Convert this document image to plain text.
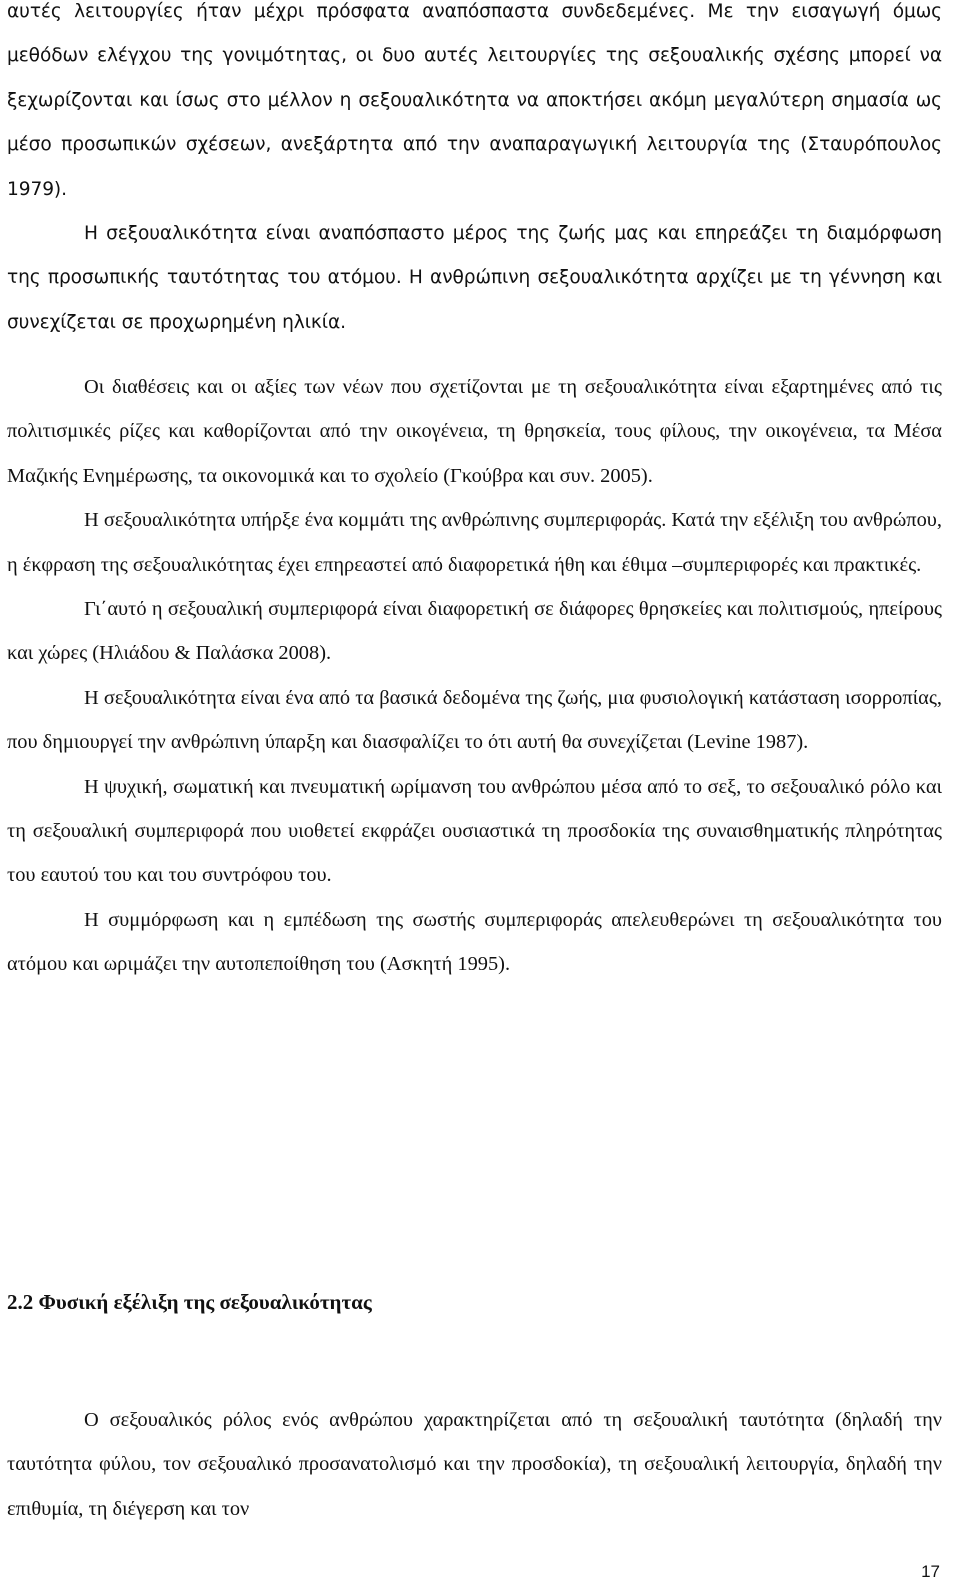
αυτές λειτουργίες ήταν μέχρι πρόσφατα αναπόσπαστα συνδεδεμένες. Με την εισαγωγή όμως μεθόδων ελέγχου της γονιμότητας, οι δυο αυτές λειτουργίες της σεξουαλικής σχέσης μπορεί να ξεχωρίζονται και ίσως στο μέλλον η σεξουαλικότητα να αποκτήσει ακόμη μεγαλύτερη σημασία ως μέσο προσωπικών σχέσεων, ανεξάρτητα από την αναπαραγωγική λειτουργία της (Σταυρόπουλος 1979).

Η σεξουαλικότητα είναι αναπόσπαστο μέρος της ζωής μας και επηρεάζει τη διαμόρφωση της προσωπικής ταυτότητας του ατόμου. Η ανθρώπινη σεξουαλικότητα αρχίζει με τη γέννηση και συνεχίζεται σε προχωρημένη ηλικία.

Οι διαθέσεις και οι αξίες των νέων που σχετίζονται με τη σεξουαλικότητα είναι εξαρτημένες από τις πολιτισμικές ρίζες και καθορίζονται από την οικογένεια, τη θρησκεία, τους φίλους, την οικογένεια, τα Μέσα Μαζικής Ενημέρωσης, τα οικονομικά και το σχολείο (Γκούβρα και συν. 2005).

Η σεξουαλικότητα υπήρξε ένα κομμάτι της ανθρώπινης συμπεριφοράς. Κατά την εξέλιξη του ανθρώπου, η έκφραση της σεξουαλικότητας έχει επηρεαστεί από διαφορετικά ήθη και έθιμα –συμπεριφορές και πρακτικές.

Γι΄αυτό η σεξουαλική συμπεριφορά είναι διαφορετική σε διάφορες θρησκείες και πολιτισμούς, ηπείρους και χώρες (Ηλιάδου & Παλάσκα 2008).

Η σεξουαλικότητα είναι ένα από τα βασικά δεδομένα της ζωής, μια φυσιολογική κατάσταση ισορροπίας, που δημιουργεί την ανθρώπινη ύπαρξη και διασφαλίζει το ότι αυτή θα συνεχίζεται (Levine 1987).

Η ψυχική, σωματική και πνευματική ωρίμανση του ανθρώπου μέσα από το σεξ, το σεξουαλικό ρόλο και τη σεξουαλική συμπεριφορά που υιοθετεί εκφράζει ουσιαστικά τη προσδοκία της συναισθηματικής πληρότητας του εαυτού του και του συντρόφου του.

Η συμμόρφωση και η εμπέδωση της σωστής συμπεριφοράς απελευθερώνει τη σεξουαλικότητα του ατόμου και ωριμάζει την αυτοπεποίθηση του (Ασκητή 1995).

2.2 Φυσική εξέλιξη της σεξουαλικότητας

Ο σεξουαλικός ρόλος ενός ανθρώπου χαρακτηρίζεται από τη σεξουαλική ταυτότητα (δηλαδή την ταυτότητα φύλου, τον σεξουαλικό προσανατολισμό και την προσδοκία), τη σεξουαλική λειτουργία, δηλαδή την επιθυμία, τη διέγερση και τον

17
